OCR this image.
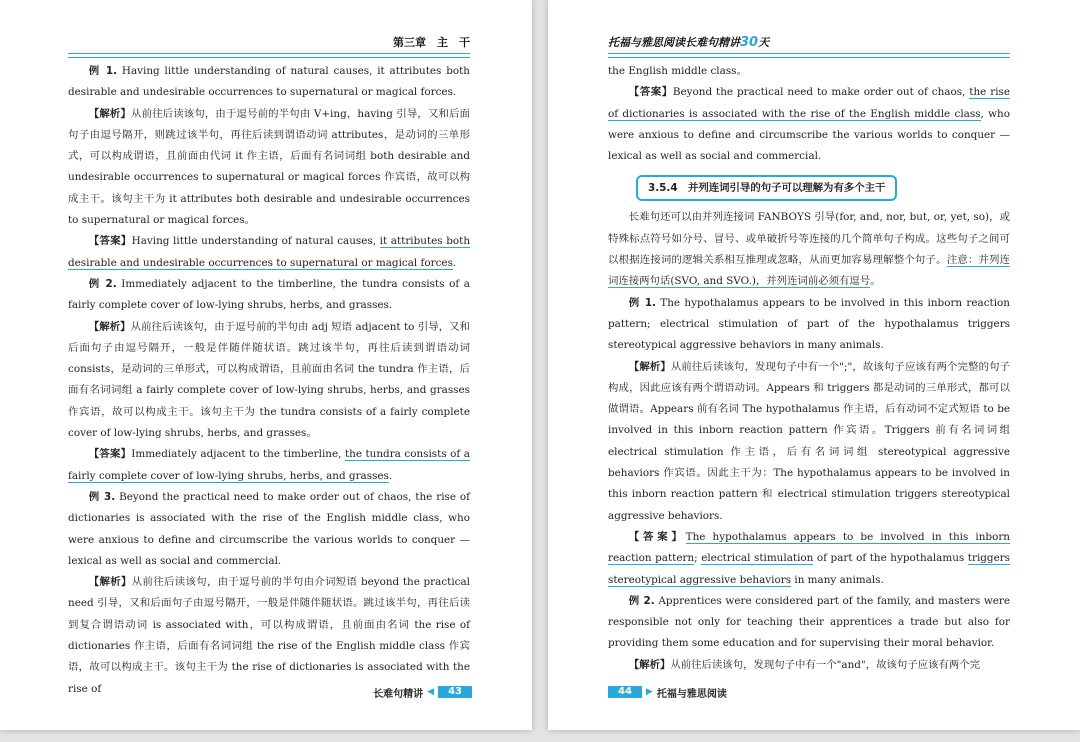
第三章　主　干

例 1. Having little understanding of natural causes, it attributes both desirable and undesirable occurrences to supernatural or magical forces.

【解析】从前往后读该句，由于逗号前的半句由 V+ing，having 引导，又和后面句子由逗号隔开，则跳过该半句，再往后读到谓语动词 attributes，是动词的三单形式，可以构成谓语，且前面由代词 it 作主语，后面有名词词组 both desirable and undesirable occurrences to supernatural or magical forces 作宾语，故可以构成主干。该句主干为 it attributes both desirable and undesirable occurrences to supernatural or magical forces。

【答案】Having little understanding of natural causes, it attributes both desirable and undesirable occurrences to supernatural or magical forces.

例 2. Immediately adjacent to the timberline, the tundra consists of a fairly complete cover of low-lying shrubs, herbs, and grasses.

【解析】从前往后读该句，由于逗号前的半句由 adj 短语 adjacent to 引导，又和后面句子由逗号隔开，一般是伴随伴随状语。跳过该半句，再往后读到谓语动词 consists，是动词的三单形式，可以构成谓语，且前面由名词 the tundra 作主语，后面有名词词组 a fairly complete cover of low-lying shrubs, herbs, and grasses 作宾语，故可以构成主干。该句主干为 the tundra consists of a fairly complete cover of low-lying shrubs, herbs, and grasses。

【答案】Immediately adjacent to the timberline, the tundra consists of a fairly complete cover of low-lying shrubs, herbs, and grasses.

例 3. Beyond the practical need to make order out of chaos, the rise of dictionaries is associated with the rise of the English middle class, who were anxious to define and circumscribe the various worlds to conquer — lexical as well as social and commercial.

【解析】从前往后读该句，由于逗号前的半句由介词短语 beyond the practical need 引导，又和后面句子由逗号隔开，一般是伴随伴随状语。跳过该半句，再往后读到复合谓语动词 is associated with，可以构成谓语，且前面由名词 the rise of dictionaries 作主语，后面有名词词组 the rise of the English middle class 作宾语，故可以构成主干。该句主干为 the rise of dictionaries is associated with the rise of	长难句精讲 ◀	43
托福与雅思阅读长难句精讲30天

the English middle class。

【答案】Beyond the practical need to make order out of chaos, the rise of dictionaries is associated with the rise of the English middle class, who were anxious to define and circumscribe the various worlds to conquer — lexical as well as social and commercial.

3.5.4　并列连词引导的句子可以理解为有多个主干

长难句还可以由并列连接词 FANBOYS 引导(for, and, nor, but, or, yet, so)，或特殊标点符号如分号、冒号、或单破折号等连接的几个简单句子构成。这些句子之间可以根据连接词的逻辑关系相互推理或忽略，从而更加容易理解整个句子。注意：并列连词连接两句话(SVO, and SVO.)，并列连词前必须有逗号。

例 1. The hypothalamus appears to be involved in this inborn reaction pattern; electrical stimulation of part of the hypothalamus triggers stereotypical aggressive behaviors in many animals.

【解析】从前往后读该句，发现句子中有一个";"，故该句子应该有两个完整的句子构成，因此应该有两个谓语动词。Appears 和 triggers 都是动词的三单形式，都可以做谓语。Appears 前有名词 The hypothalamus 作主语，后有动词不定式短语 to be involved in this inborn reaction pattern 作宾语。Triggers 前有名词词组 electrical stimulation 作主语，后有名词词组 stereotypical aggressive behaviors 作宾语。因此主干为：The hypothalamus appears to be involved in this inborn reaction pattern 和 electrical stimulation triggers stereotypical aggressive behaviors.

【答案】The hypothalamus appears to be involved in this inborn reaction pattern; electrical stimulation of part of the hypothalamus triggers stereotypical aggressive behaviors in many animals.

例 2. Apprentices were considered part of the family, and masters were responsible not only for teaching their apprentices a trade but also for providing them some education and for supervising their moral behavior.

【解析】从前往后读该句，发现句子中有一个"and"，故该句子应该有两个完

44	▶ 托福与雅思阅读
